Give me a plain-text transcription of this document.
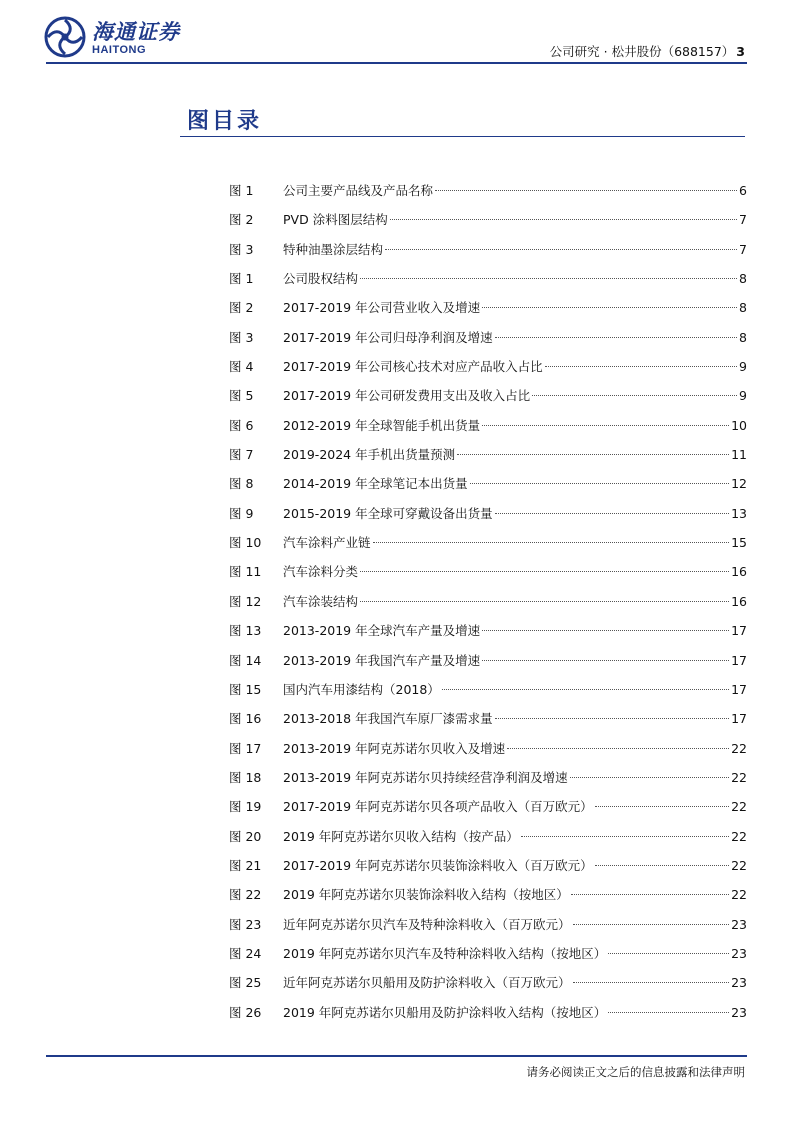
海通证券
HAITONG	公司研究 · 松井股份（688157） 3
图目录
图 1	公司主要产品线及产品名称	6
图 2	PVD 涂料图层结构	7
图 3	特种油墨涂层结构	7
图 1	公司股权结构	8
图 2	2017-2019 年公司营业收入及增速	8
图 3	2017-2019 年公司归母净利润及增速	8
图 4	2017-2019 年公司核心技术对应产品收入占比	9
图 5	2017-2019 年公司研发费用支出及收入占比	9
图 6	2012-2019 年全球智能手机出货量	10
图 7	2019-2024 年手机出货量预测	11
图 8	2014-2019 年全球笔记本出货量	12
图 9	2015-2019 年全球可穿戴设备出货量	13
图 10	汽车涂料产业链	15
图 11	汽车涂料分类	16
图 12	汽车涂装结构	16
图 13	2013-2019 年全球汽车产量及增速	17
图 14	2013-2019 年我国汽车产量及增速	17
图 15	国内汽车用漆结构（2018）	17
图 16	2013-2018 年我国汽车原厂漆需求量	17
图 17	2013-2019 年阿克苏诺尔贝收入及增速	22
图 18	2013-2019 年阿克苏诺尔贝持续经营净利润及增速	22
图 19	2017-2019 年阿克苏诺尔贝各项产品收入（百万欧元）	22
图 20	2019 年阿克苏诺尔贝收入结构（按产品）	22
图 21	2017-2019 年阿克苏诺尔贝装饰涂料收入（百万欧元）	22
图 22	2019 年阿克苏诺尔贝装饰涂料收入结构（按地区）	22
图 23	近年阿克苏诺尔贝汽车及特种涂料收入（百万欧元）	23
图 24	2019 年阿克苏诺尔贝汽车及特种涂料收入结构（按地区）	23
图 25	近年阿克苏诺尔贝船用及防护涂料收入（百万欧元）	23
图 26	2019 年阿克苏诺尔贝船用及防护涂料收入结构（按地区）	23
请务必阅读正文之后的信息披露和法律声明
